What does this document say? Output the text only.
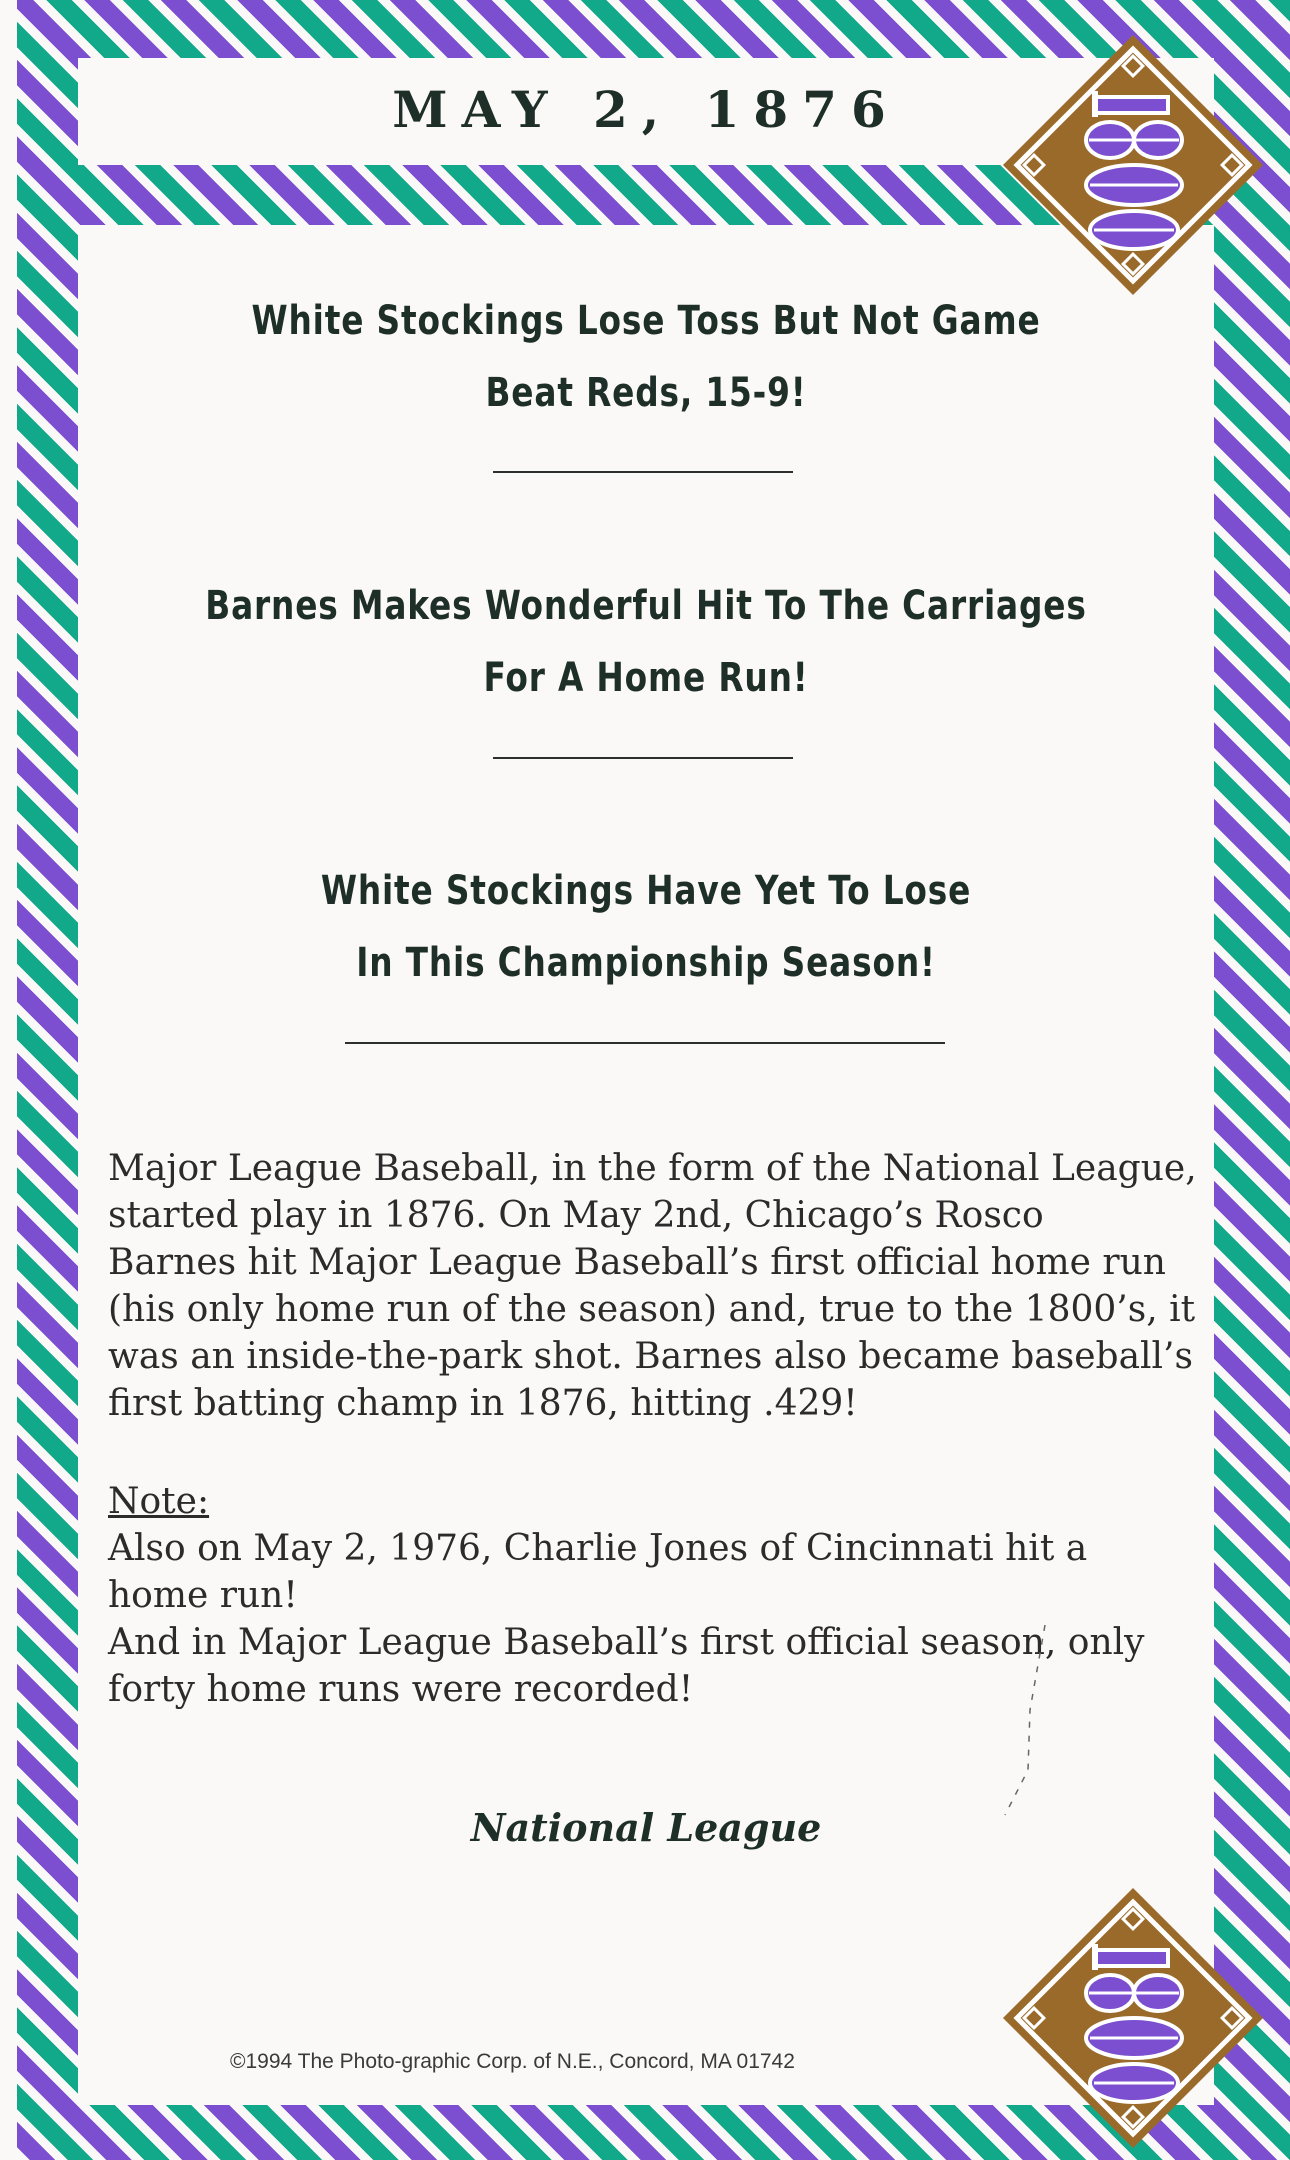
MAY 2, 1876
White Stockings Lose Toss But Not Game
Beat Reds, 15-9!
Barnes Makes Wonderful Hit To The Carriages
For A Home Run!
White Stockings Have Yet To Lose
In This Championship Season!

Major League Baseball, in the form of the National League,

started play in 1876. On May 2nd, Chicago’s Rosco

Barnes hit Major League Baseball’s first official home run

(his only home run of the season) and, true to the 1800’s, it

was an inside-the-park shot. Barnes also became baseball’s

first batting champ in 1876, hitting .429!

Note:

Also on May 2, 1976, Charlie Jones of Cincinnati hit a

home run!

And in Major League Baseball’s first official season, only

forty home runs were recorded!

National League
©1994 The Photo-graphic Corp. of N.E., Concord, MA 01742
